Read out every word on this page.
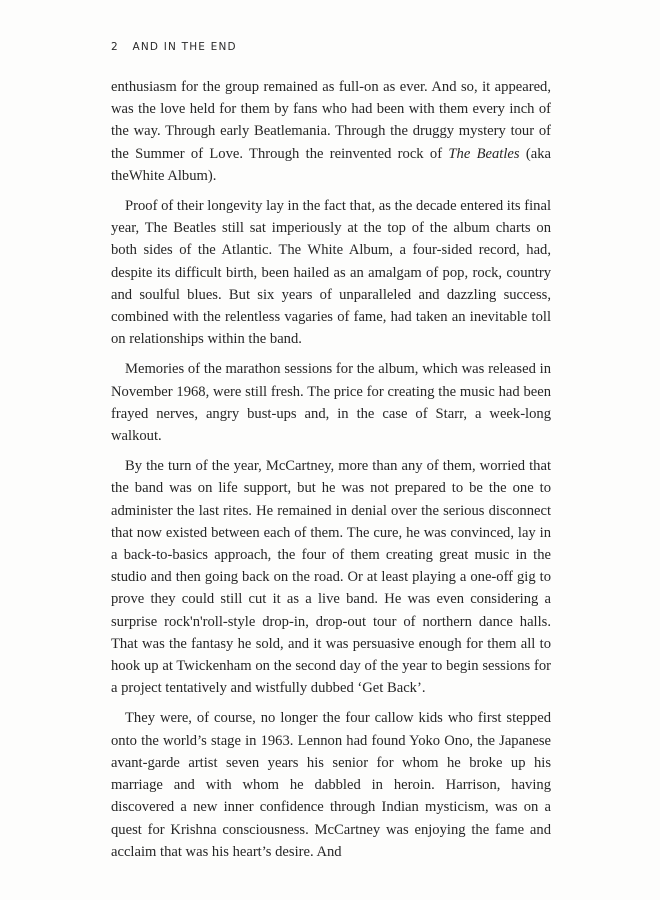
2 AND IN THE END

enthusiasm for the group remained as full-on as ever. And so, it appeared, was the love held for them by fans who had been with them every inch of the way. Through early Beatlemania. Through the druggy mystery tour of the Summer of Love. Through the reinvented rock of The Beatles (aka theWhite Album).

Proof of their longevity lay in the fact that, as the decade entered its final year, The Beatles still sat imperiously at the top of the album charts on both sides of the Atlantic. The White Album, a four-sided record, had, despite its difficult birth, been hailed as an amalgam of pop, rock, country and soulful blues. But six years of unparalleled and dazzling success, combined with the relentless vagaries of fame, had taken an inevitable toll on relationships within the band.

Memories of the marathon sessions for the album, which was released in November 1968, were still fresh. The price for creating the music had been frayed nerves, angry bust-ups and, in the case of Starr, a week-long walkout.

By the turn of the year, McCartney, more than any of them, worried that the band was on life support, but he was not prepared to be the one to administer the last rites. He remained in denial over the serious disconnect that now existed between each of them. The cure, he was convinced, lay in a back-to-basics approach, the four of them creating great music in the studio and then going back on the road. Or at least playing a one-off gig to prove they could still cut it as a live band. He was even considering a surprise rock'n'roll-style drop-in, drop-out tour of northern dance halls. That was the fantasy he sold, and it was persuasive enough for them all to hook up at Twickenham on the second day of the year to begin sessions for a project tentatively and wistfully dubbed ‘Get Back’.

They were, of course, no longer the four callow kids who first stepped onto the world’s stage in 1963. Lennon had found Yoko Ono, the Japanese avant-garde artist seven years his senior for whom he broke up his marriage and with whom he dabbled in heroin. Harrison, having discovered a new inner confidence through Indian mysticism, was on a quest for Krishna consciousness. McCartney was enjoying the fame and acclaim that was his heart’s desire. And
